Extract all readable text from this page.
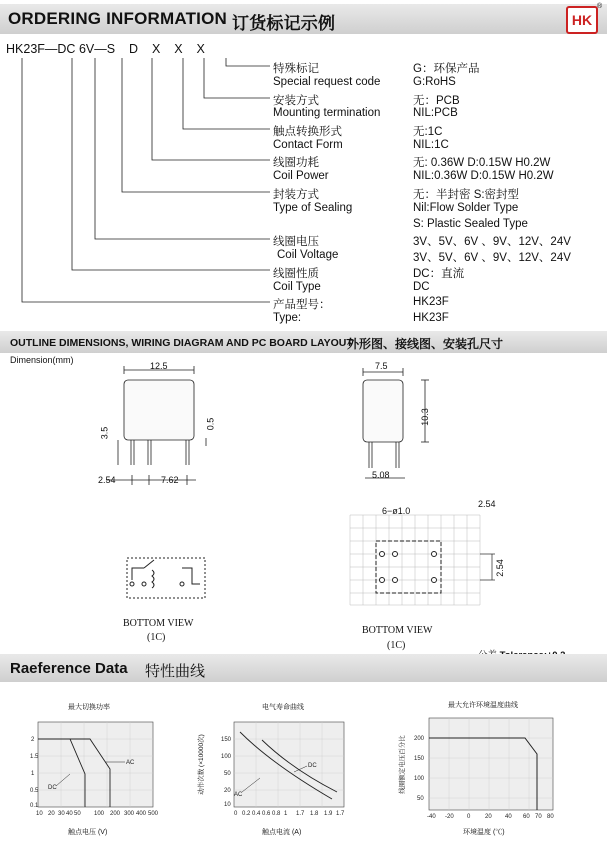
ORDERING INFORMATION 订货标记示例	HK
®
HK23F—DC 6V—S D X X X
特殊标记	G：环保产品
Special request code	G:RoHS
安装方式	无：PCB
Mounting termination	NIL:PCB
触点转换形式	无:1C
Contact Form	NIL:1C
线圈功耗	无: 0.36W D:0.15W H0.2W
Coil Power	NIL:0.36W D:0.15W H0.2W
封装方式	无：半封密 S:密封型
Type of Sealing	Nil:Flow Solder Type
S: Plastic Sealed Type
线圈电压	3V、5V、6V 、9V、12V、24V
Coil Voltage	3V、5V、6V 、9V、12V、24V
线圈性质	DC：直流
Coil Type	DC
产品型号：	HK23F
Type:	HK23F
OUTLINE DIMENSIONS, WIRING DIAGRAM AND PC BOARD LAYOUT
外形图、接线图、安装孔尺寸
Dimension(mm)
12.5
3.5
0.5
2.54	7.62
7.5
10.3
5.08
BOTTOM VIEW
(1C)
6−ø1.0
2.54
2.54
BOTTOM VIEW
(1C)

Raeference Data 特性曲线
最大切换功率
2
1.5
1
0.5
0.1
DC
AC
10 20 30 40 50 100 200 300 400 500
触点电压 (V)
电气寿命曲线
150
100
50
20
10
DC
AC
0 0.2 0.4 0.6 0.8 1 1.7 1.8 1.9 1.7
动作次数 (×10000次)
触点电流 (A)
最大允许环境温度曲线
200
150
100
50
-40 -20 0 20 40 60 70 80
线圈额定电压百分比
环境温度 (℃)
